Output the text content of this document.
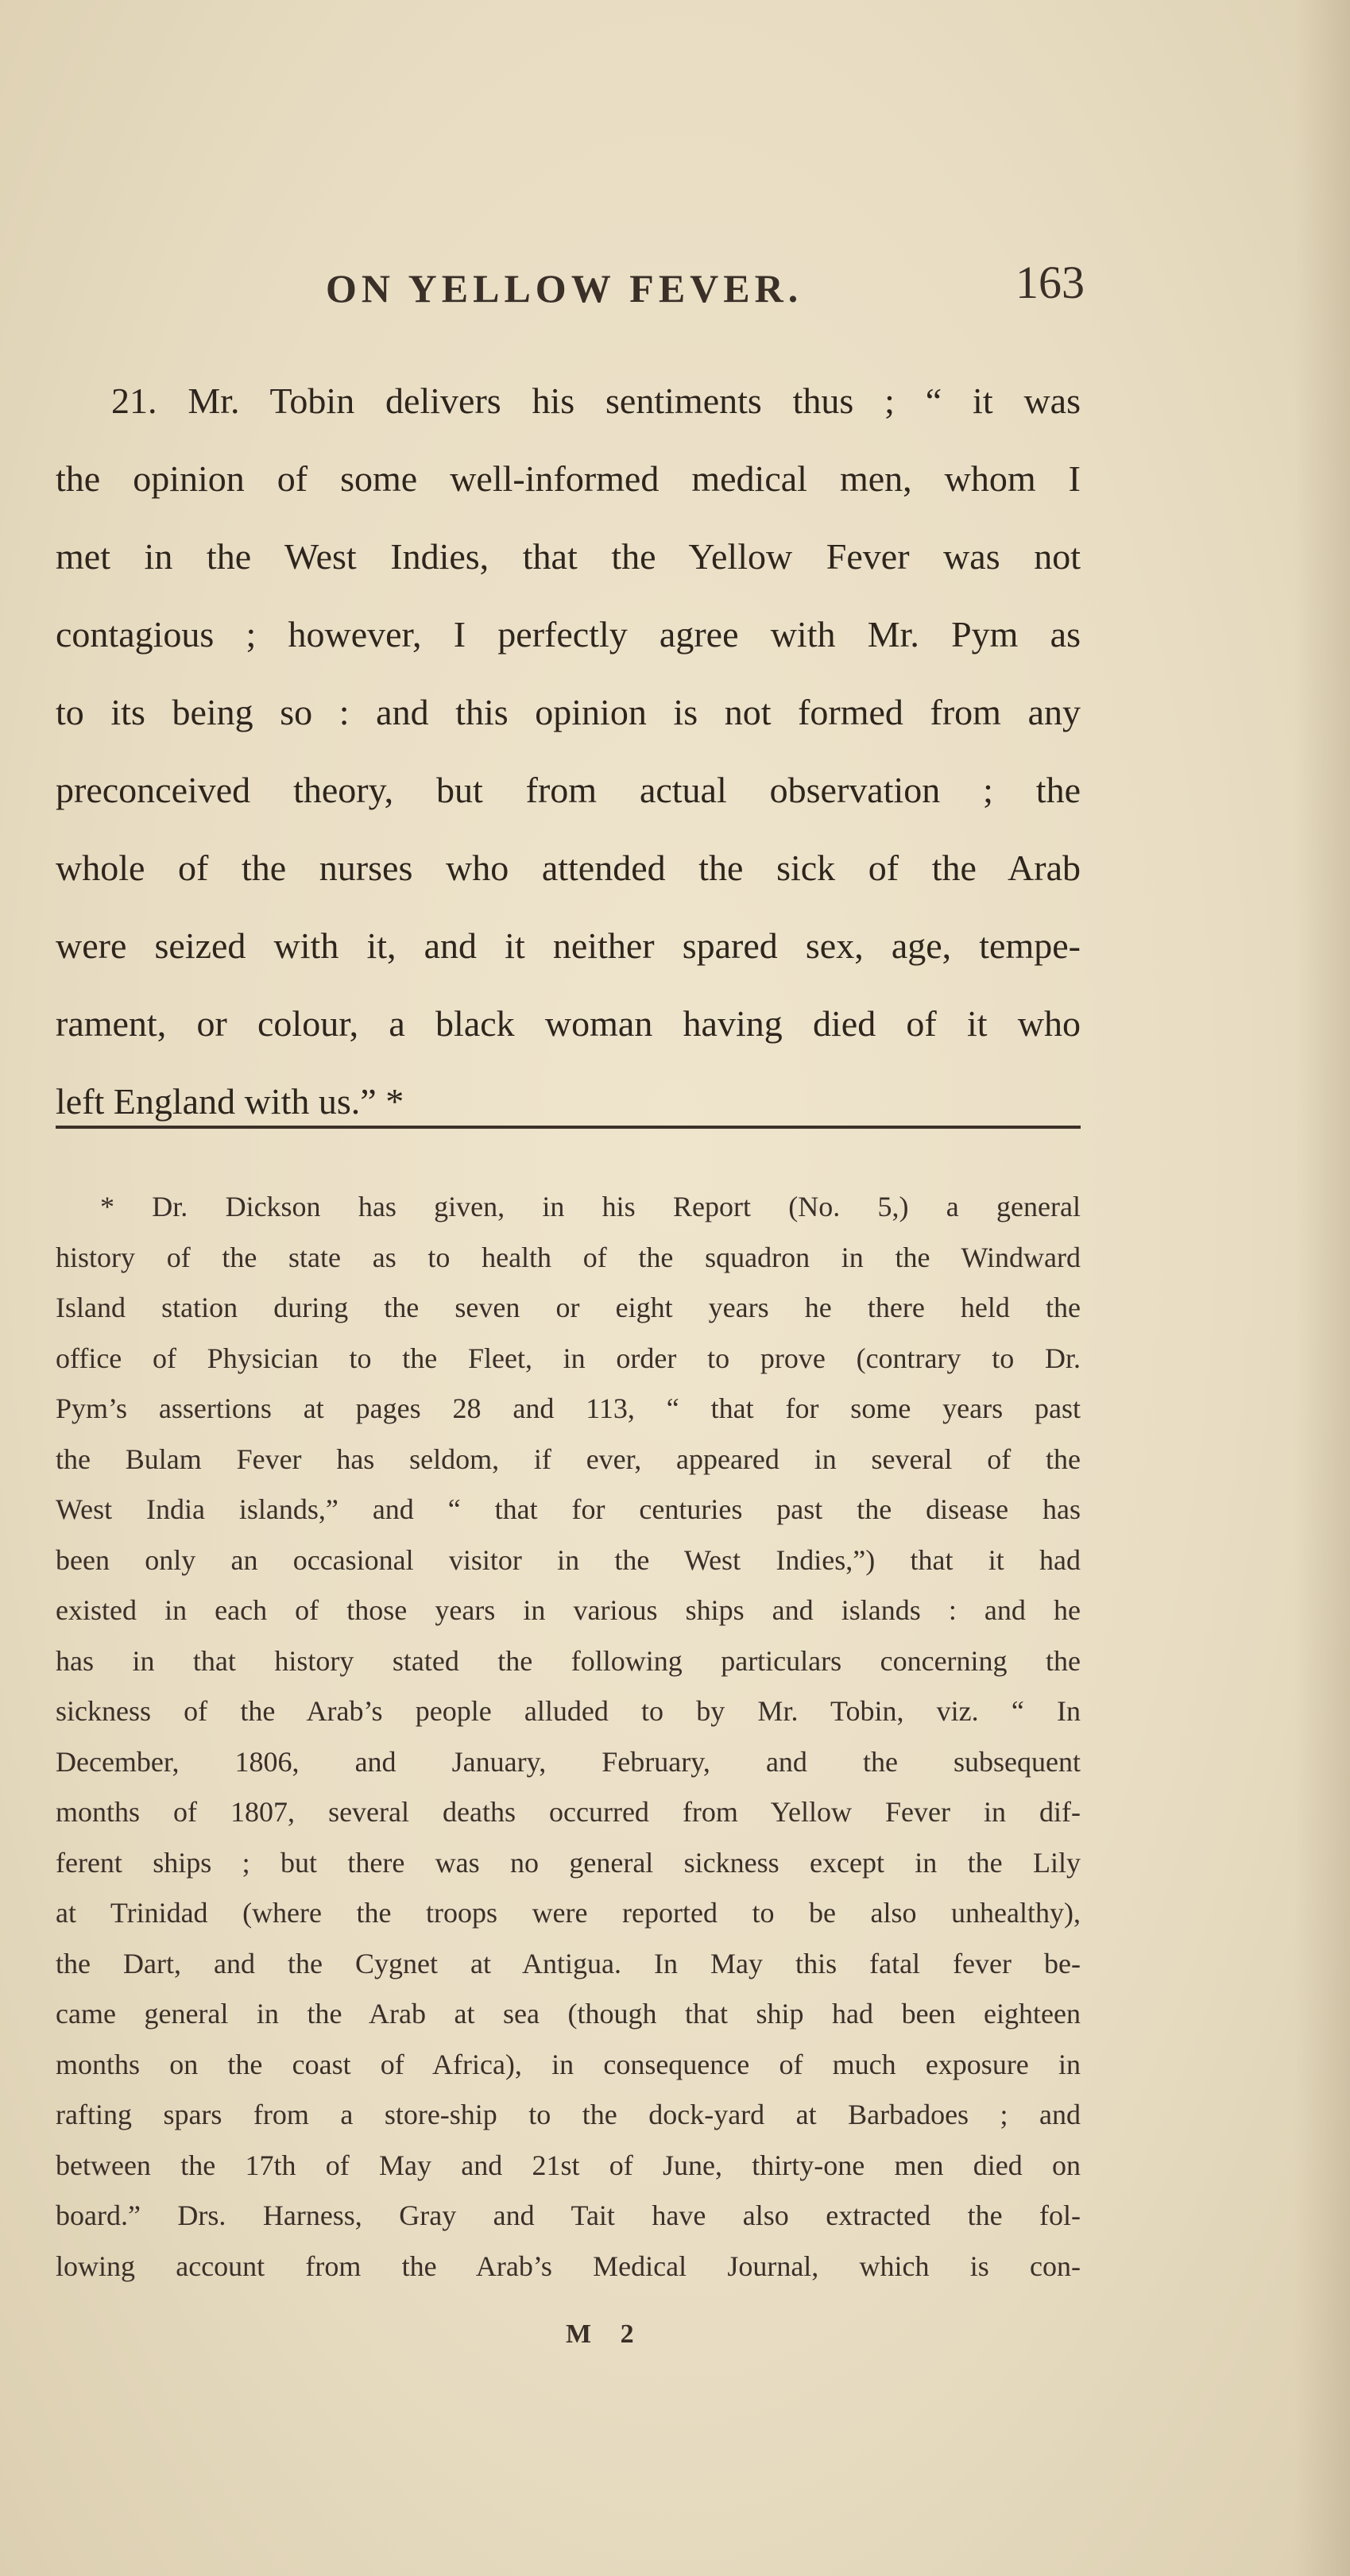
ON YELLOW FEVER.	163
21. Mr. Tobin delivers his sentiments thus ; “ it was
the opinion of some well-informed medical men, whom I
met in the West Indies, that the Yellow Fever was not
contagious ; however, I perfectly agree with Mr. Pym as
to its being so : and this opinion is not formed from any
preconceived theory, but from actual observation ; the
whole of the nurses who attended the sick of the Arab
were seized with it, and it neither spared sex, age, tempe-
rament, or colour, a black woman having died of it who
left England with us.” *
* Dr. Dickson has given, in his Report (No. 5,) a general
history of the state as to health of the squadron in the Windward
Island station during the seven or eight years he there held the
office of Physician to the Fleet, in order to prove (contrary to Dr.
Pym’s assertions at pages 28 and 113, “ that for some years past
the Bulam Fever has seldom, if ever, appeared in several of the
West India islands,” and “ that for centuries past the disease has
been only an occasional visitor in the West Indies,”) that it had
existed in each of those years in various ships and islands : and he
has in that history stated the following particulars concerning the
sickness of the Arab’s people alluded to by Mr. Tobin, viz. “ In
December, 1806, and January, February, and the subsequent
months of 1807, several deaths occurred from Yellow Fever in dif-
ferent ships ; but there was no general sickness except in the Lily
at Trinidad (where the troops were reported to be also unhealthy),
the Dart, and the Cygnet at Antigua. In May this fatal fever be-
came general in the Arab at sea (though that ship had been eighteen
months on the coast of Africa), in consequence of much exposure in
rafting spars from a store-ship to the dock-yard at Barbadoes ; and
between the 17th of May and 21st of June, thirty-one men died on
board.” Drs. Harness, Gray and Tait have also extracted the fol-
lowing account from the Arab’s Medical Journal, which is con-
M 2
